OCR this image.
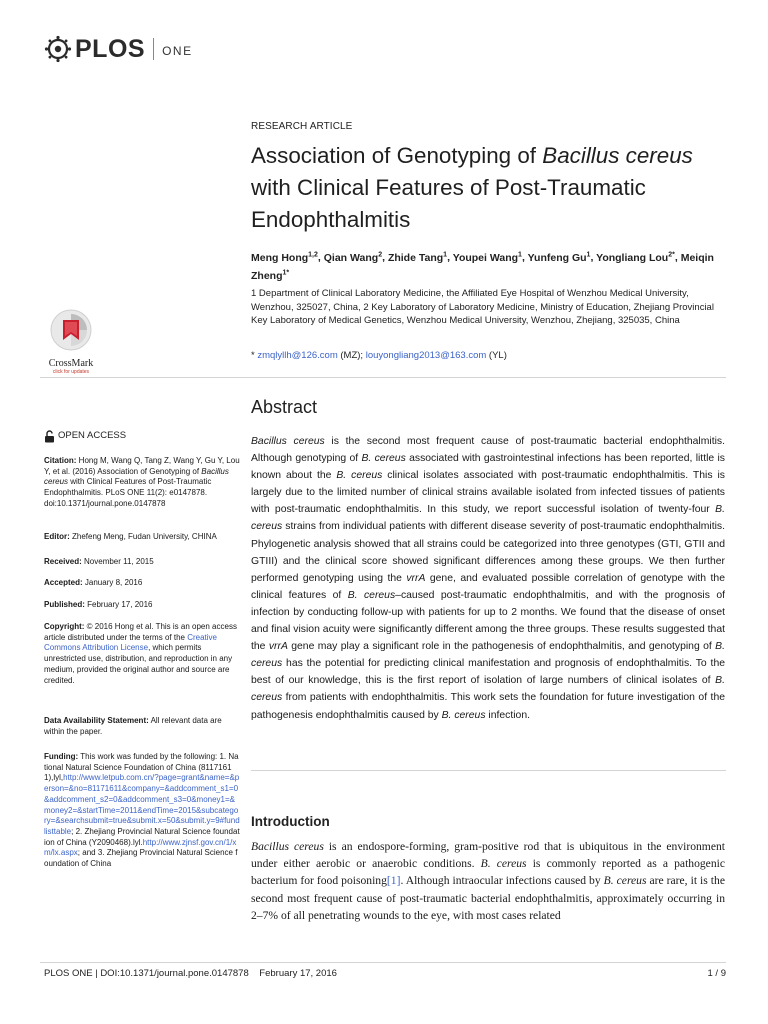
PLOS ONE
CrossMark
click for updates
RESEARCH ARTICLE
Association of Genotyping of Bacillus cereus with Clinical Features of Post-Traumatic Endophthalmitis
Meng Hong$^{1,2}$, Qian Wang$^2$, Zhide Tang$^1$, Youpei Wang$^1$, Yunfeng Gu$^1$, Yongliang Lou$^{2*}$, Meiqin Zheng$^{1*}$
1 Department of Clinical Laboratory Medicine, the Affiliated Eye Hospital of Wenzhou Medical University, Wenzhou, 325027, China, 2 Key Laboratory of Laboratory Medicine, Ministry of Education, Zhejiang Provincial Key Laboratory of Medical Genetics, Wenzhou Medical University, Wenzhou, Zhejiang, 325035, China
* zmqlyllh@126.com (MZ); louyongliang2013@163.com (YL)
Abstract
Bacillus cereus is the second most frequent cause of post-traumatic bacterial endophthalmitis. Although genotyping of B. cereus associated with gastrointestinal infections has been reported, little is known about the B. cereus clinical isolates associated with post-traumatic endophthalmitis. This is largely due to the limited number of clinical strains available isolated from infected tissues of patients with post-traumatic endophthalmitis. In this study, we report successful isolation of twenty-four B. cereus strains from individual patients with different disease severity of post-traumatic endophthalmitis. Phylogenetic analysis showed that all strains could be categorized into three genotypes (GTI, GTII and GTIII) and the clinical score showed significant differences among these groups. We then further performed genotyping using the vrrA gene, and evaluated possible correlation of genotype with the clinical features of B. cereus–caused post-traumatic endophthalmitis, and with the prognosis of infection by conducting follow-up with patients for up to 2 months. We found that the disease of onset and final vision acuity were significantly different among the three groups. These results suggested that the vrrA gene may play a significant role in the pathogenesis of endophthalmitis, and genotyping of B. cereus has the potential for predicting clinical manifestation and prognosis of endophthalmitis. To the best of our knowledge, this is the first report of isolation of large numbers of clinical isolates of B. cereus from patients with endophthalmitis. This work sets the foundation for future investigation of the pathogenesis endophthalmitis caused by B. cereus infection.
Introduction
Bacillus cereus is an endospore-forming, gram-positive rod that is ubiquitous in the environment under either aerobic or anaerobic conditions. B. cereus is commonly reported as a pathogenic bacterium for food poisoning[1]. Although intraocular infections caused by B. cereus are rare, it is the second most frequent cause of post-traumatic bacterial endophthalmitis, approximately occurring in 2–7% of all penetrating wounds to the eye, with most cases related
OPEN ACCESS
Citation: Hong M, Wang Q, Tang Z, Wang Y, Gu Y, Lou Y, et al. (2016) Association of Genotyping of Bacillus cereus with Clinical Features of Post-Traumatic Endophthalmitis. PLoS ONE 11(2): e0147878. doi:10.1371/journal.pone.0147878
Editor: Zhefeng Meng, Fudan University, CHINA
Received: November 11, 2015
Accepted: January 8, 2016
Published: February 17, 2016
Copyright: © 2016 Hong et al. This is an open access article distributed under the terms of the Creative Commons Attribution License, which permits unrestricted use, distribution, and reproduction in any medium, provided the original author and source are credited.
Data Availability Statement: All relevant data are within the paper.
Funding: This work was funded by the following: 1. National Natural Science Foundation of China (81171611),lyl,http://www.letpub.com.cn/?page=grant&name=&person=&no=81171611&company=&addcomment_s1=0&addcomment_s2=0&addcomment_s3=0&money1=&money2=&startTime=2011&endTime=2015&subcategory=&searchsubmit=true&submit.x=50&submit.y=9#fundlisttable; 2. Zhejiang Provincial Natural Science foundation of China (Y2090468).lyl.http://www.zjnsf.gov.cn/1/xm/lx.aspx; and 3. Zhejiang Provincial Natural Science foundation of China
PLOS ONE | DOI:10.1371/journal.pone.0147878    February 17, 2016	1 / 9
